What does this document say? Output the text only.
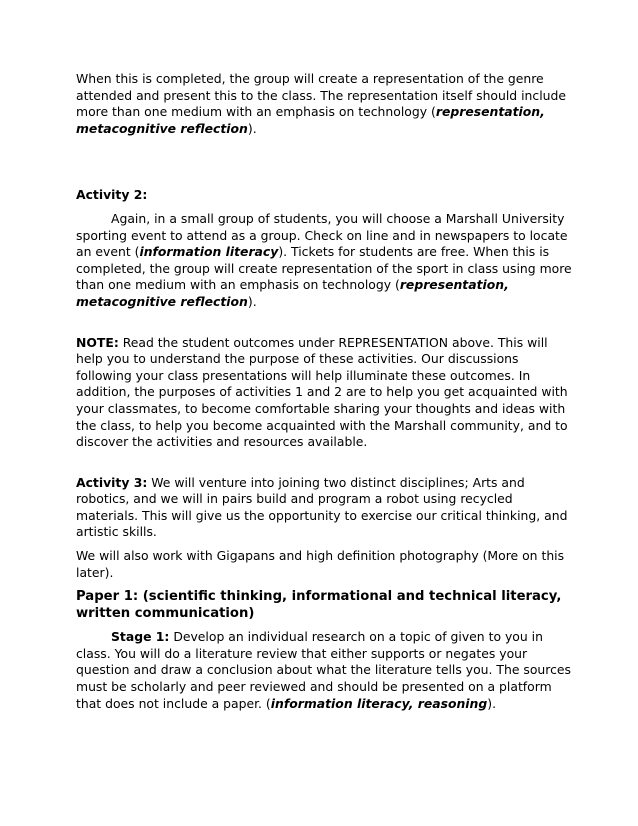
When this is completed, the group will create a representation of the genre attended and present this to the class. The representation itself should include more than one medium with an emphasis on technology (representation, metacognitive reflection).

Activity 2:

Again, in a small group of students, you will choose a Marshall University sporting event to attend as a group. Check on line and in newspapers to locate an event (information literacy). Tickets for students are free. When this is completed, the group will create representation of the sport in class using more than one medium with an emphasis on technology (representation, metacognitive reflection).

NOTE: Read the student outcomes under REPRESENTATION above. This will help you to understand the purpose of these activities. Our discussions following your class presentations will help illuminate these outcomes. In addition, the purposes of activities 1 and 2 are to help you get acquainted with your classmates, to become comfortable sharing your thoughts and ideas with the class, to help you become acquainted with the Marshall community, and to discover the activities and resources available.

Activity 3: We will venture into joining two distinct disciplines; Arts and robotics, and we will in pairs build and program a robot using recycled materials. This will give us the opportunity to exercise our critical thinking, and artistic skills.

We will also work with Gigapans and high definition photography (More on this later).

Paper 1: (scientific thinking, informational and technical literacy, written communication)

Stage 1: Develop an individual research on a topic of given to you in class. You will do a literature review that either supports or negates your question and draw a conclusion about what the literature tells you. The sources must be scholarly and peer reviewed and should be presented on a platform that does not include a paper. (information literacy, reasoning).
